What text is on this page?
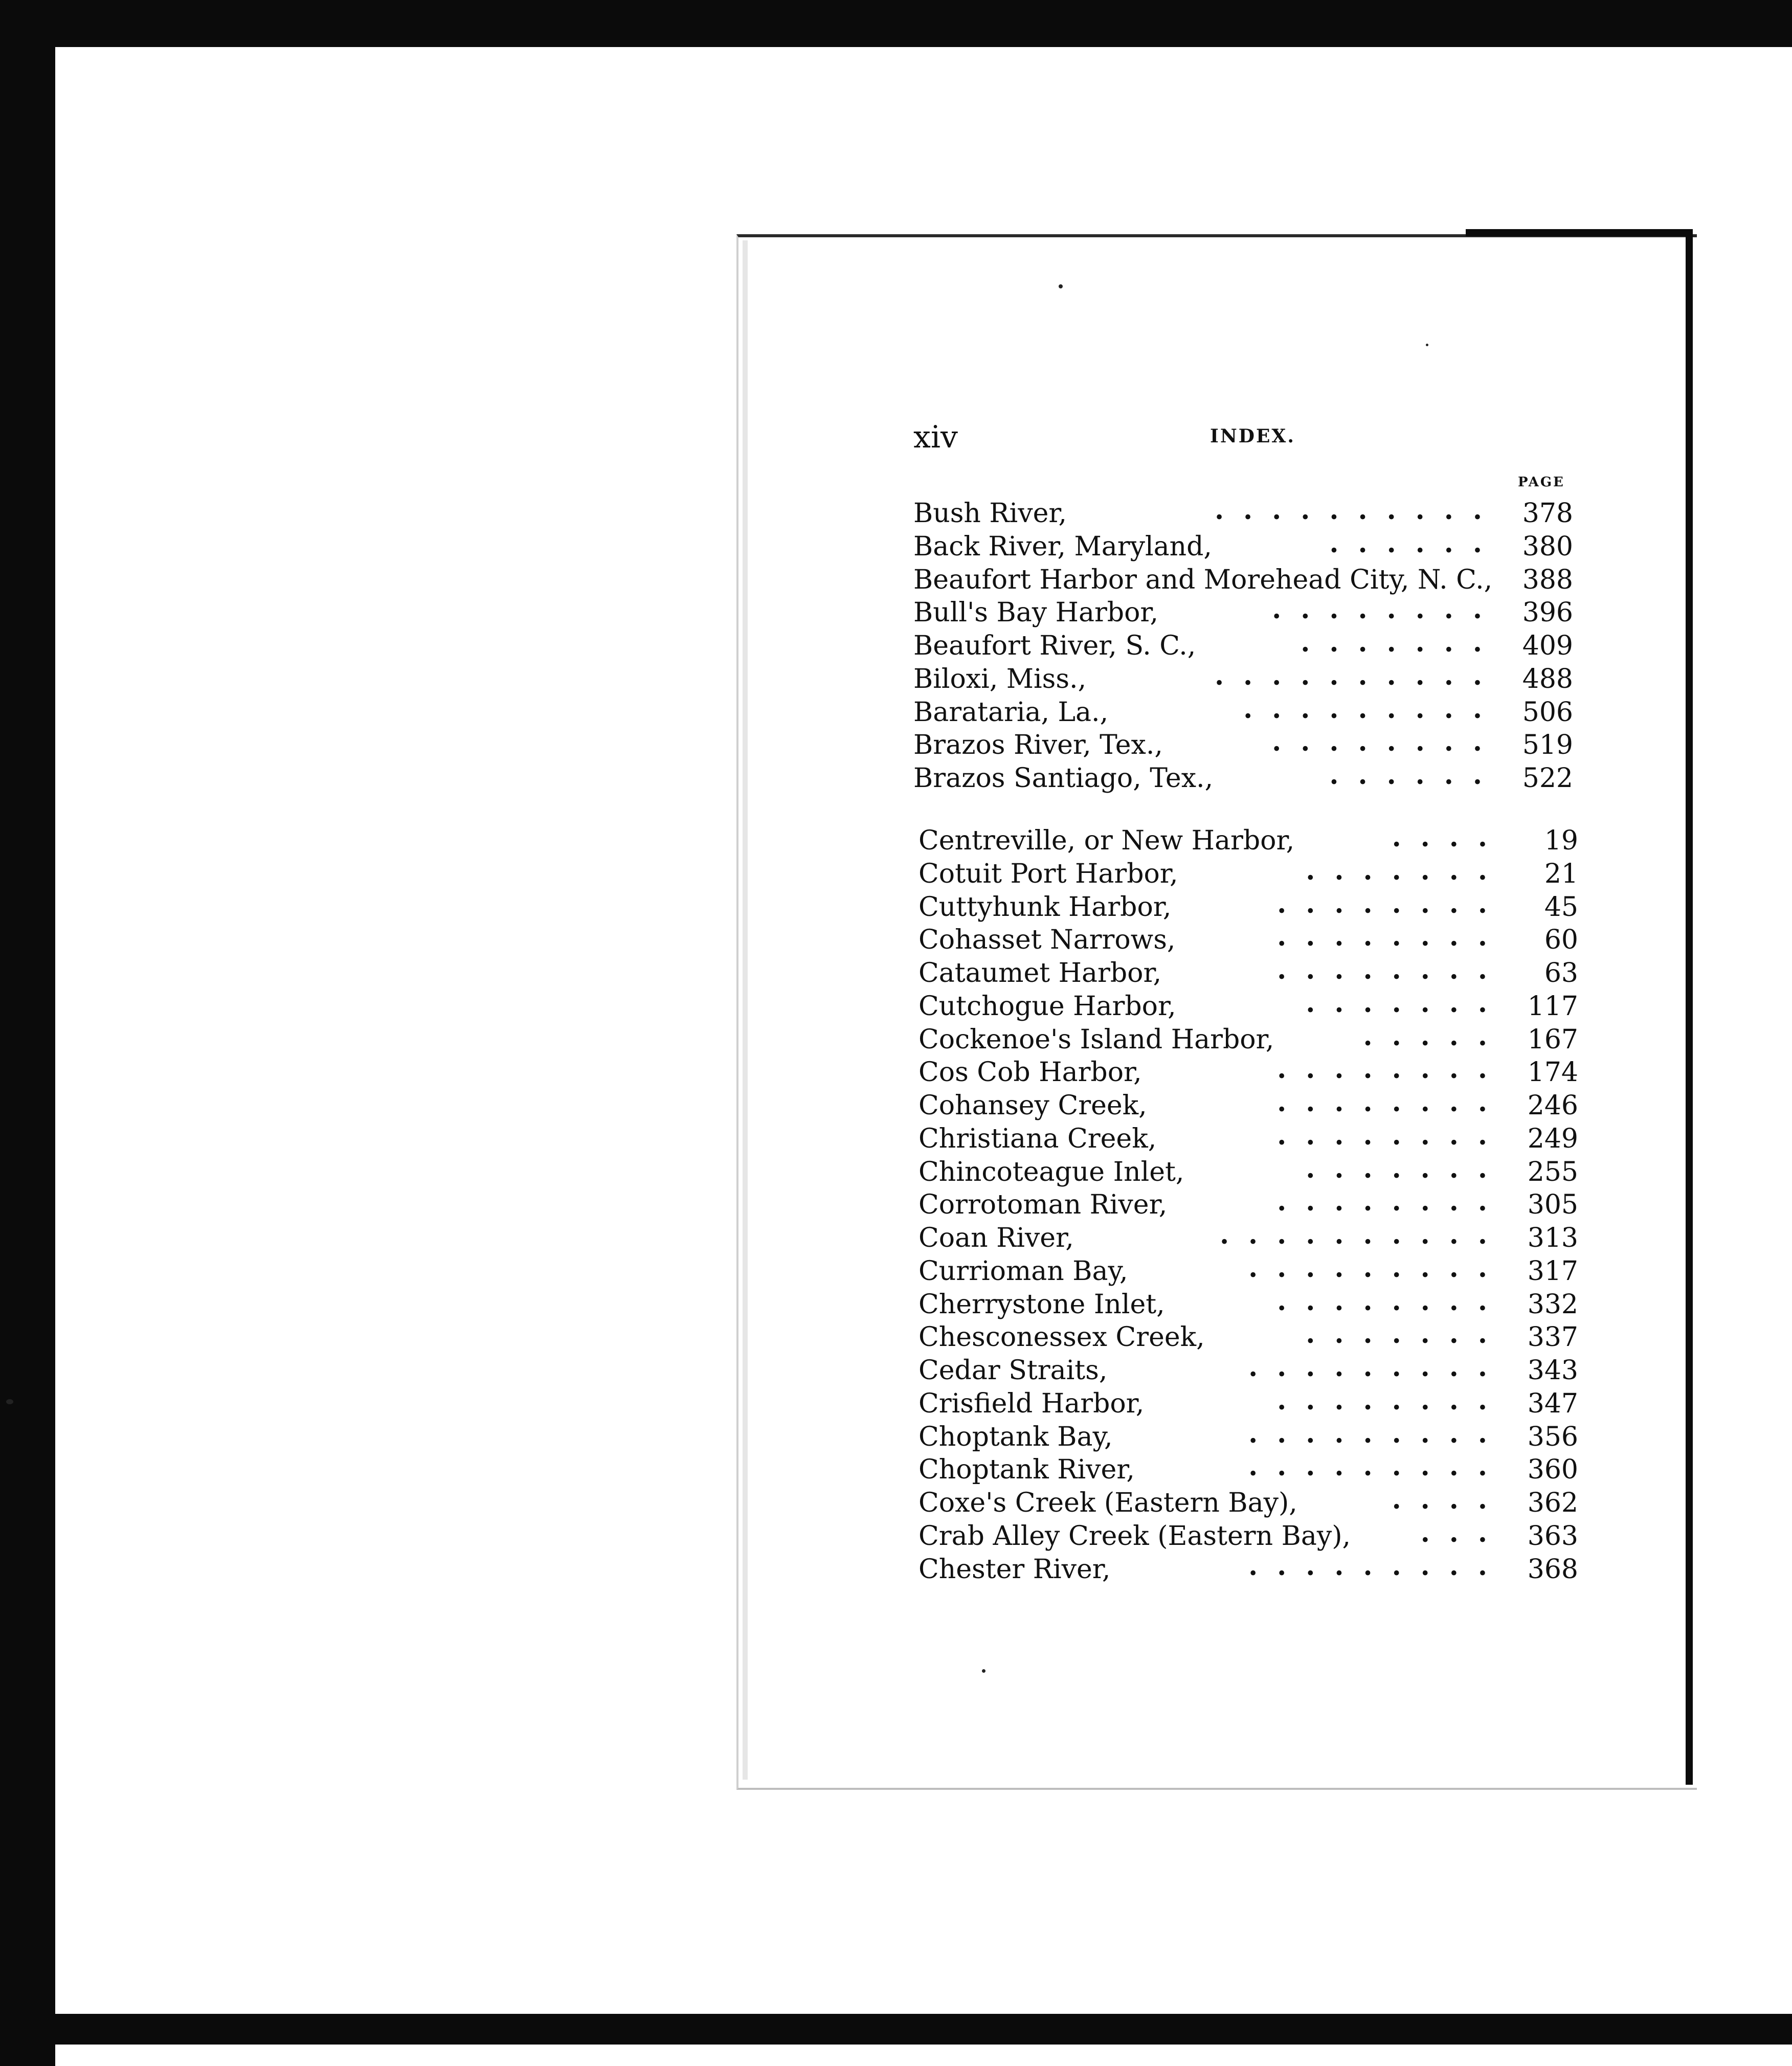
xiv	INDEX.
PAGE
Bush River,	.......... 378
Back River, Maryland,	...... 380
Beaufort Harbor and Morehead City, N. C., 388
Bull's Bay Harbor,	........ 396
Beaufort River, S. C.,	....... 409
Biloxi, Miss.,	.......... 488
Barataria, La.,	......... 506
Brazos River, Tex.,	........ 519
Brazos Santiago, Tex.,	...... 522
Centreville, or New Harbor,	.... 19
Cotuit Port Harbor,	....... 21
Cuttyhunk Harbor,	........ 45
Cohasset Narrows,	........ 60
Cataumet Harbor,	........ 63
Cutchogue Harbor,	....... 117
Cockenoe's Island Harbor,	..... 167
Cos Cob Harbor,	........ 174
Cohansey Creek,	........ 246
Christiana Creek,	........ 249
Chincoteague Inlet,	....... 255
Corrotoman River,	........ 305
Coan River,	.......... 313
Currioman Bay,	......... 317
Cherrystone Inlet,	........ 332
Chesconessex Creek,	....... 337
Cedar Straits,	......... 343
Crisfield Harbor,	........ 347
Choptank Bay,	......... 356
Choptank River,	......... 360
Coxe's Creek (Eastern Bay),	.... 362
Crab Alley Creek (Eastern Bay),	... 363
Chester River,	......... 368
